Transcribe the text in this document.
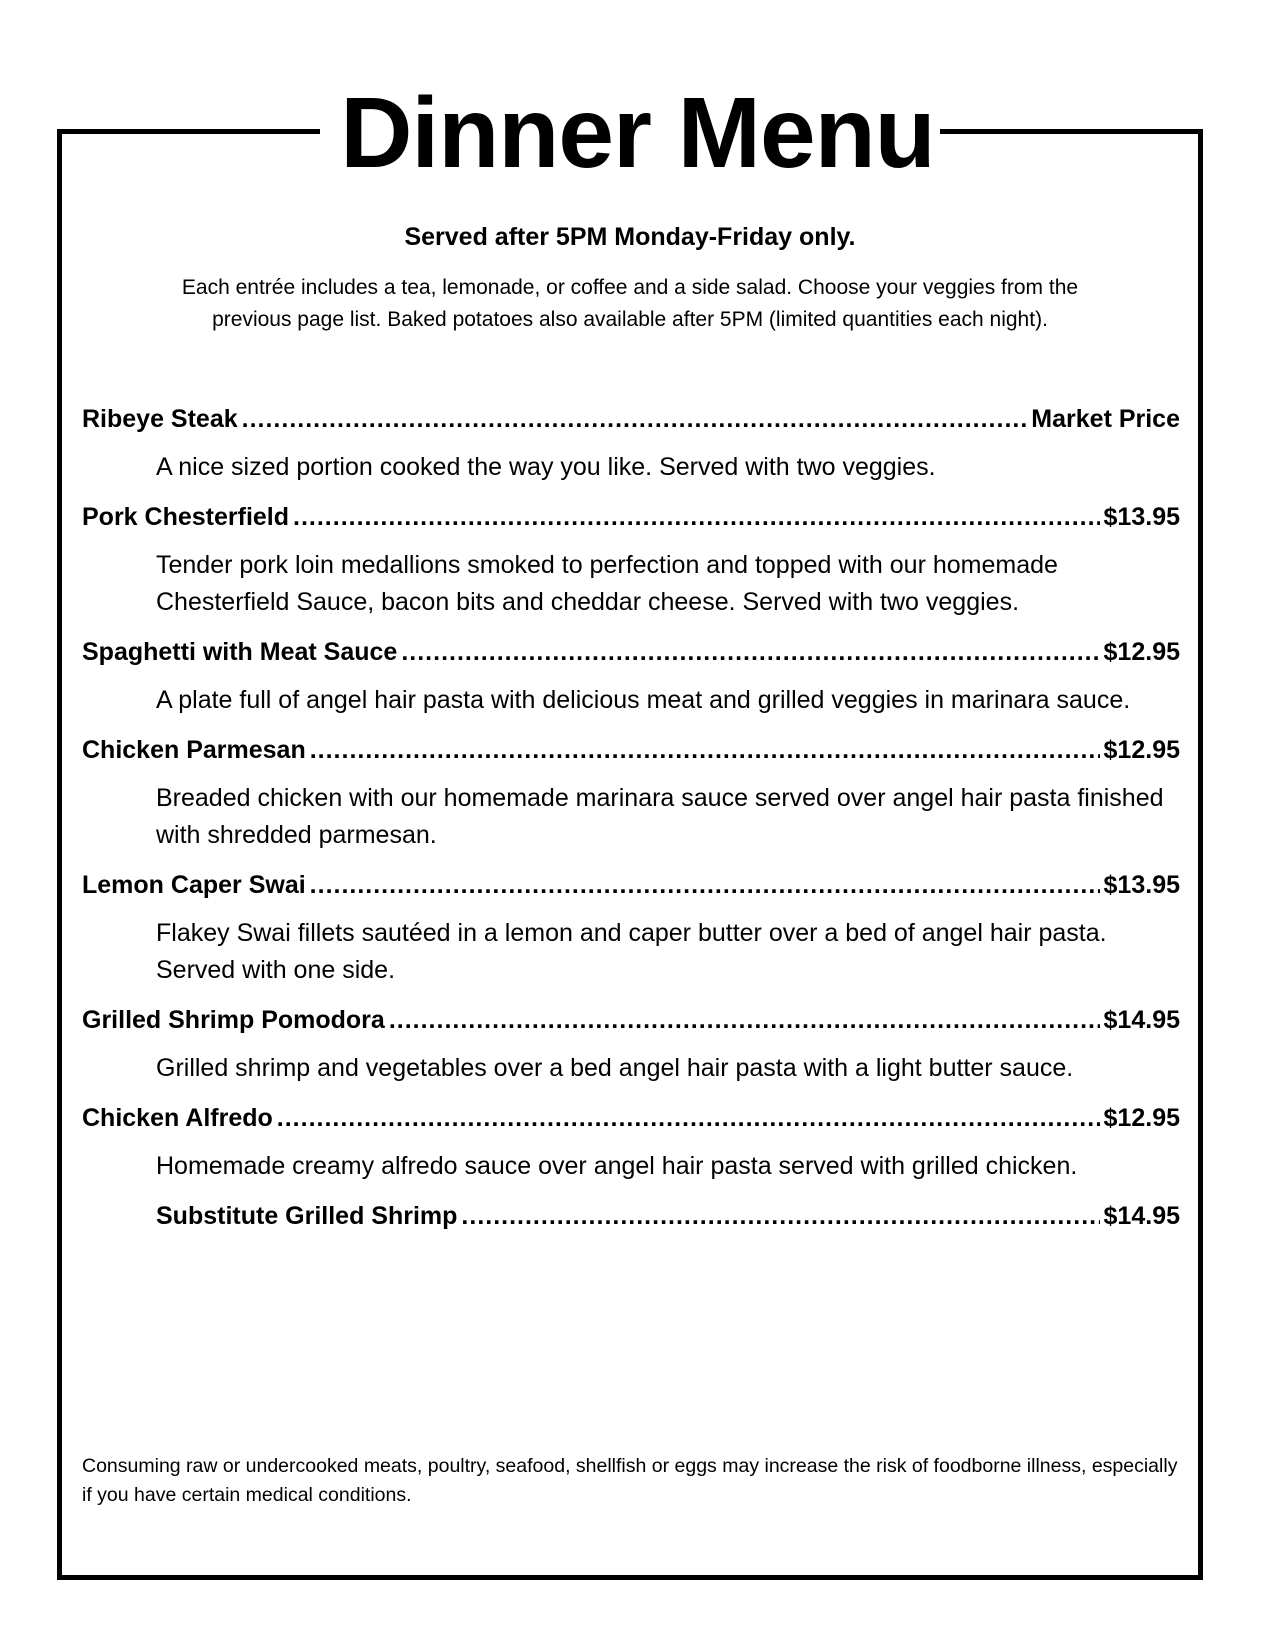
Dinner Menu

Served after 5PM Monday-Friday only.

Each entrée includes a tea, lemonade, or coffee and a side salad. Choose your veggies from the
previous page list. Baked potatoes also available after 5PM (limited quantities each night).

Ribeye Steak .....	Market Price
A nice sized portion cooked the way you like. Served with two veggies.
Pork Chesterfield .....	$13.95
Tender pork loin medallions smoked to perfection and topped with our homemade Chesterfield Sauce, bacon bits and cheddar cheese. Served with two veggies.
Spaghetti with Meat Sauce .....	$12.95
A plate full of angel hair pasta with delicious meat and grilled veggies in marinara sauce.
Chicken Parmesan .....	$12.95
Breaded chicken with our homemade marinara sauce served over angel hair pasta finished with shredded parmesan.
Lemon Caper Swai .....	$13.95
Flakey Swai fillets sautéed in a lemon and caper butter over a bed of angel hair pasta. Served with one side.
Grilled Shrimp Pomodora .....	$14.95
Grilled shrimp and vegetables over a bed angel hair pasta with a light butter sauce.
Chicken Alfredo .....	$12.95
Homemade creamy alfredo sauce over angel hair pasta served with grilled chicken.
Substitute Grilled Shrimp .....	$14.95

Consuming raw or undercooked meats, poultry, seafood, shellfish or eggs may increase the risk of foodborne illness, especially if you have certain medical conditions.
